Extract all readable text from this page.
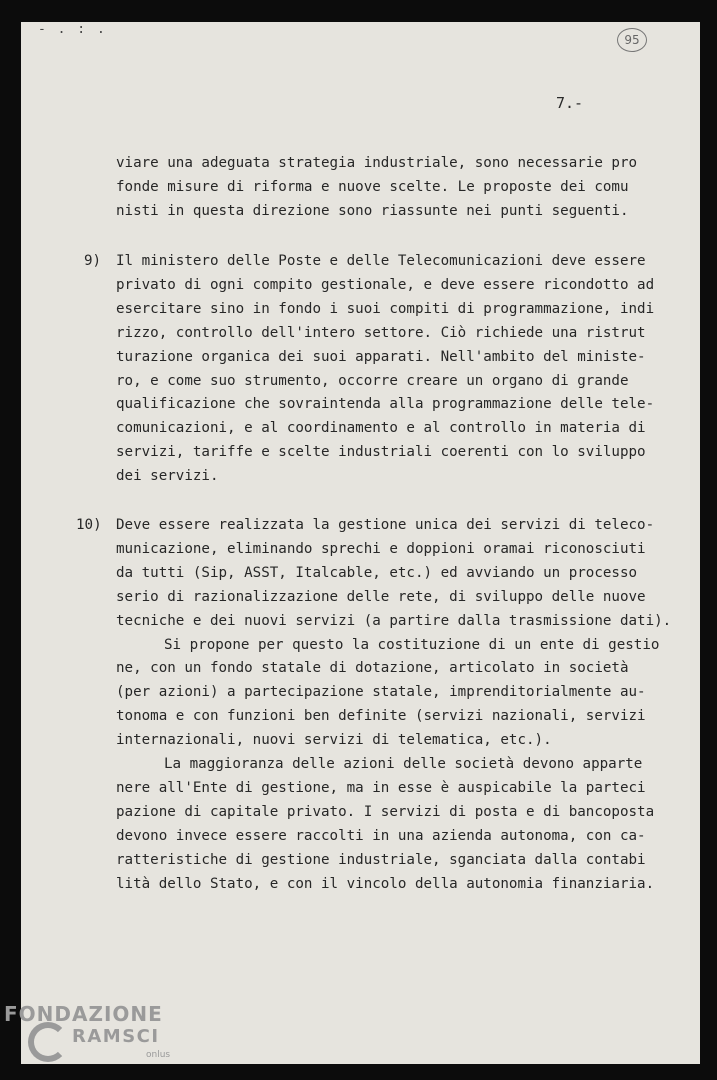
- . : .
95
7.-
viare una adeguata strategia industriale, sono necessarie pro
fonde misure di riforma e nuove scelte. Le proposte dei comu
nisti in questa direzione sono riassunte nei punti seguenti.
9) Il ministero delle Poste e delle Telecomunicazioni deve essere
privato di ogni compito gestionale, e deve essere ricondotto ad
esercitare sino in fondo i suoi compiti di programmazione, indi
rizzo, controllo dell'intero settore. Ciò richiede una ristrut
turazione organica dei suoi apparati. Nell'ambito del ministe-
ro, e come suo strumento, occorre creare un organo di grande
qualificazione che sovraintenda alla programmazione delle tele-
comunicazioni, e al coordinamento e al controllo in materia di
servizi, tariffe e scelte industriali coerenti con lo sviluppo
dei servizi.
10) Deve essere realizzata la gestione unica dei servizi di teleco-
municazione, eliminando sprechi e doppioni oramai riconosciuti
da tutti (Sip, ASST, Italcable, etc.) ed avviando un processo
serio di razionalizzazione delle rete, di sviluppo delle nuove
tecniche e dei nuovi servizi (a partire dalla trasmissione dati).
Si propone per questo la costituzione di un ente di gestio
ne, con un fondo statale di dotazione, articolato in società
(per azioni) a partecipazione statale, imprenditorialmente au-
tonoma e con funzioni ben definite (servizi nazionali, servizi
internazionali, nuovi servizi di telematica, etc.).
La maggioranza delle azioni delle società devono apparte
nere all'Ente di gestione, ma in esse è auspicabile la parteci
pazione di capitale privato. I servizi di posta e di bancoposta
devono invece essere raccolti in una azienda autonoma, con ca-
ratteristiche di gestione industriale, sganciata dalla contabi
lità dello Stato, e con il vincolo della autonomia finanziaria.
FONDAZIONE
RAMSCI
onlus
